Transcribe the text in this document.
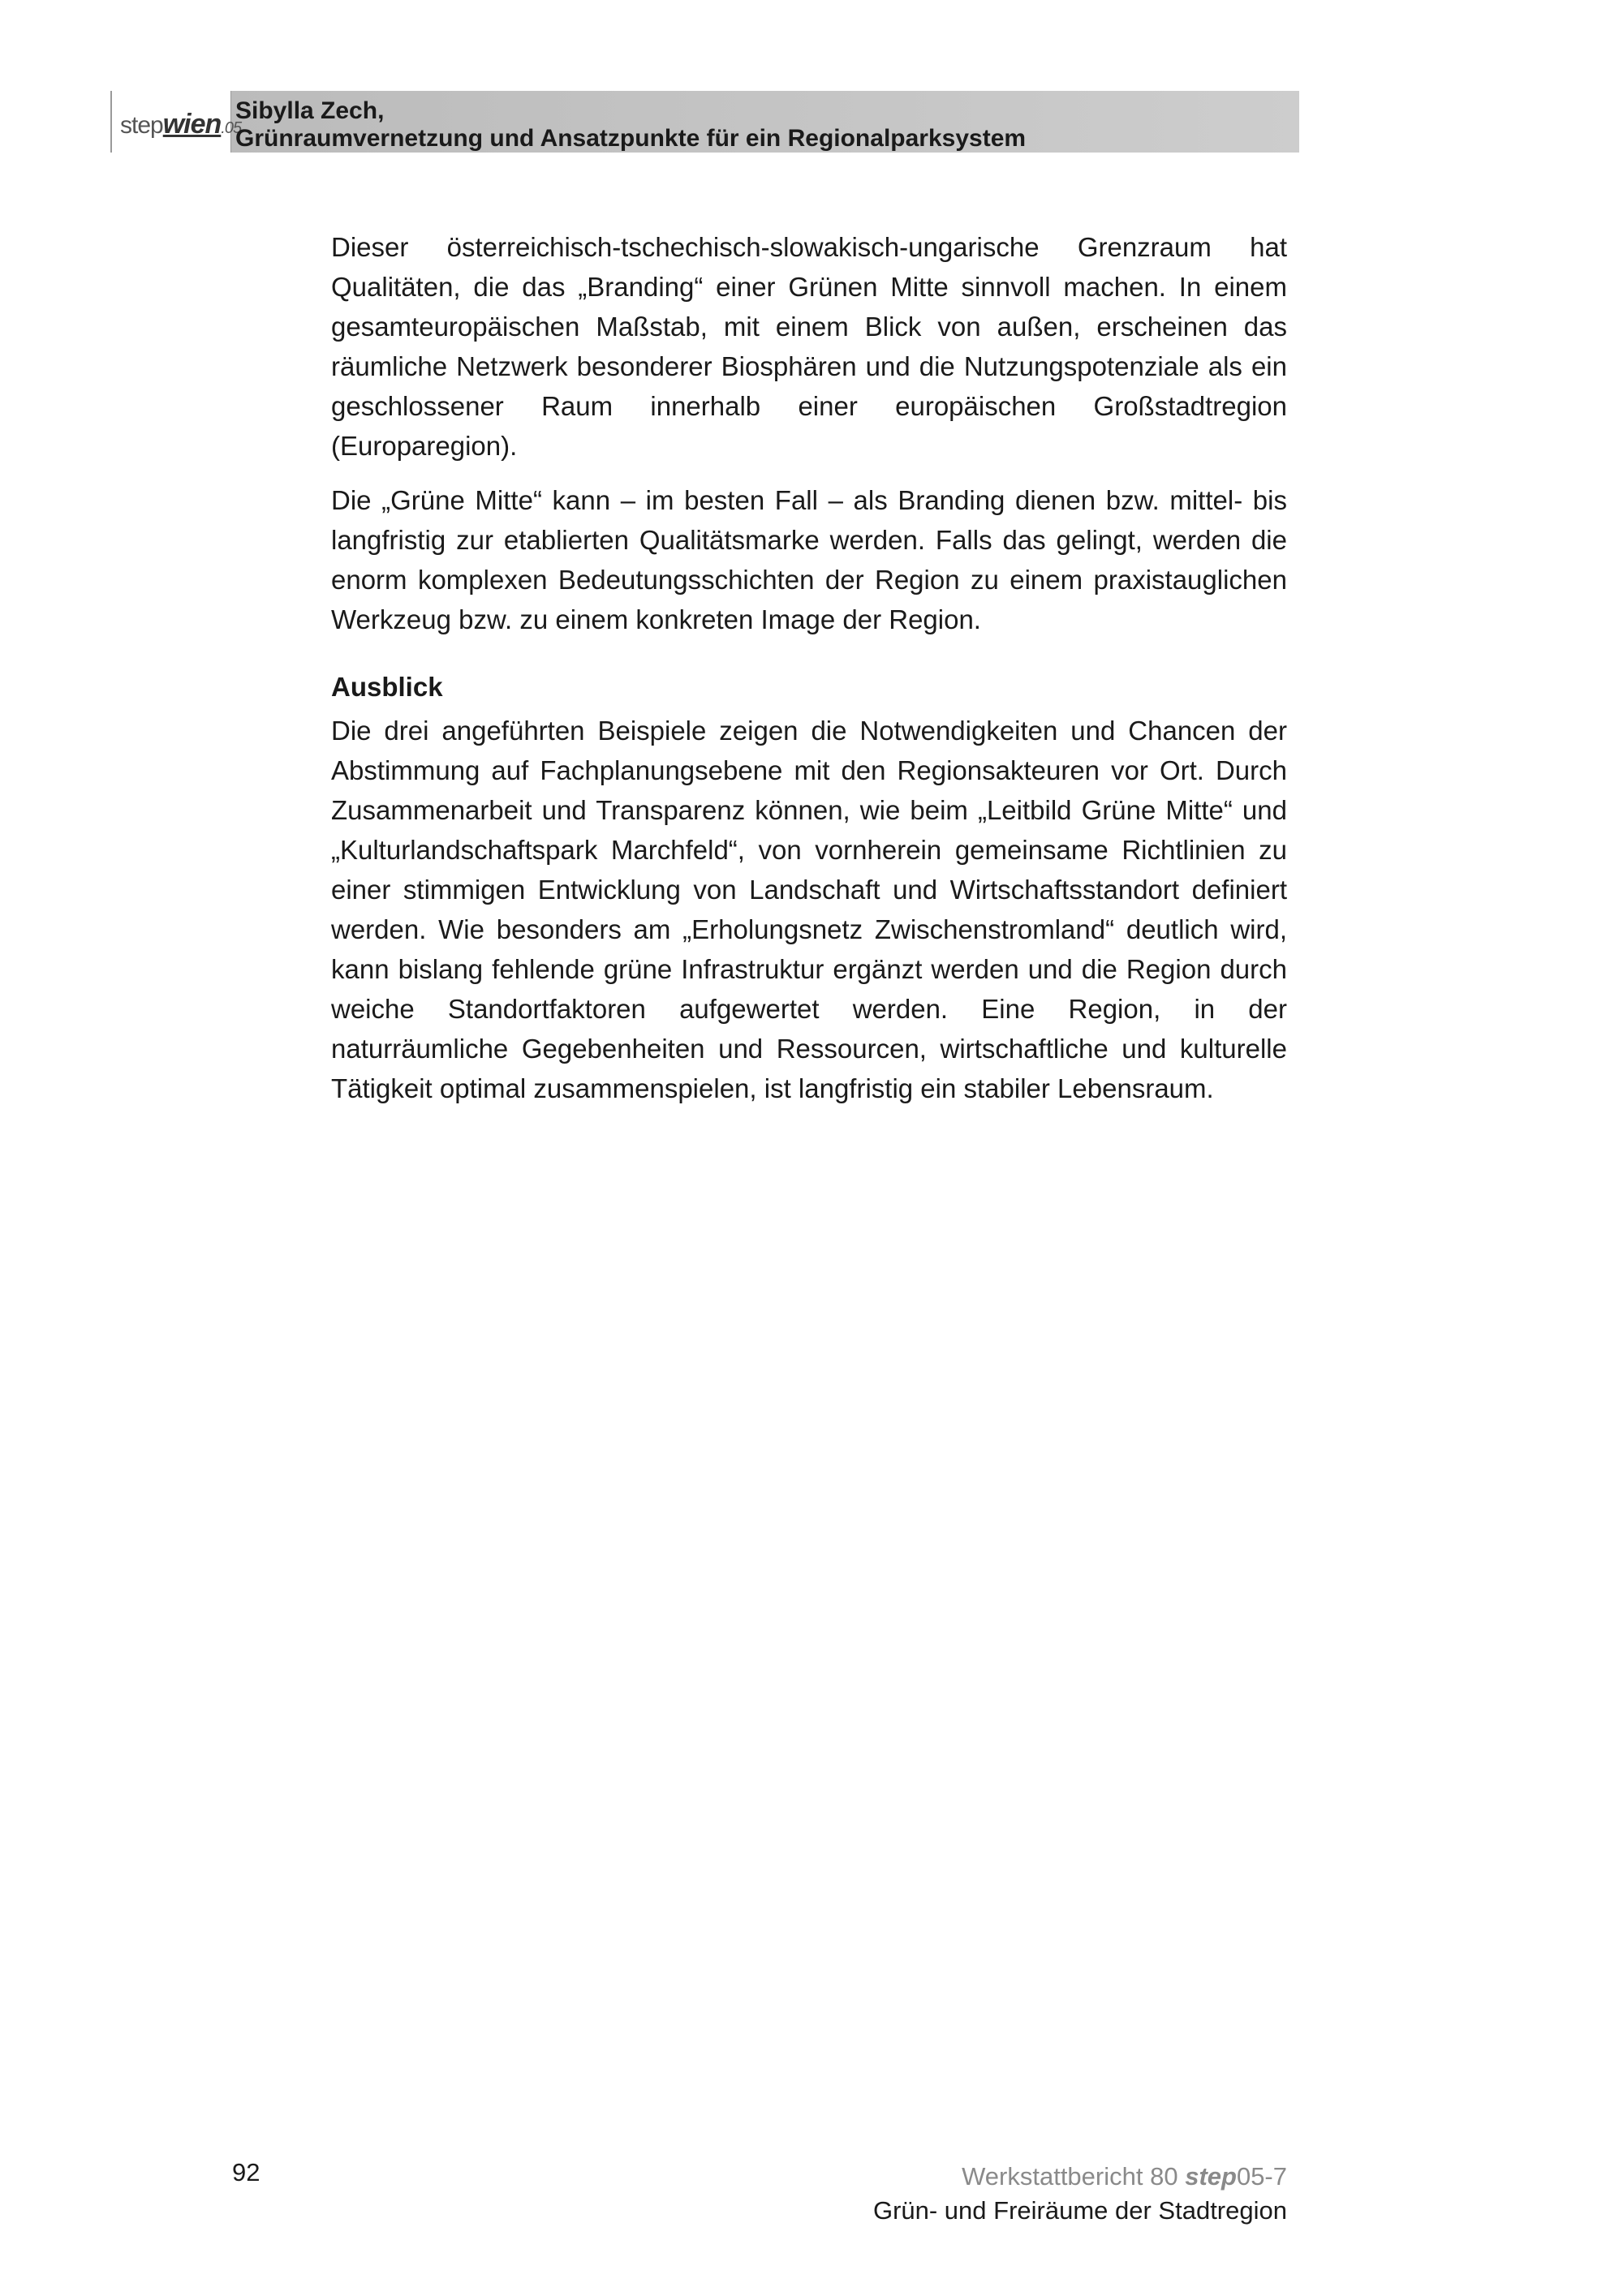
stepwien.05
Sibylla Zech,
Grünraumvernetzung und Ansatzpunkte für ein Regionalparksystem

Dieser österreichisch-tschechisch-slowakisch-ungarische Grenzraum hat Qualitäten, die das „Branding“ einer Grünen Mitte sinnvoll machen. In einem gesamteuropäischen Maßstab, mit einem Blick von außen, erscheinen das räumliche Netzwerk besonderer Biosphären und die Nutzungspotenziale als ein geschlossener Raum innerhalb einer europäischen Großstadtregion (Europaregion).

Die „Grüne Mitte“ kann – im besten Fall – als Branding dienen bzw. mittel- bis langfristig zur etablierten Qualitätsmarke werden. Falls das gelingt, werden die enorm komplexen Bedeutungsschichten der Region zu einem praxistauglichen Werkzeug bzw. zu einem konkreten Image der Region.

Ausblick

Die drei angeführten Beispiele zeigen die Notwendigkeiten und Chancen der Abstimmung auf Fachplanungsebene mit den Regionsakteuren vor Ort. Durch Zusammenarbeit und Transparenz können, wie beim „Leitbild Grüne Mitte“ und „Kulturlandschaftspark Marchfeld“, von vornherein gemeinsame Richtlinien zu einer stimmigen Entwicklung von Landschaft und Wirtschaftsstandort definiert werden. Wie besonders am „Erholungsnetz Zwischenstromland“ deutlich wird, kann bislang fehlende grüne Infrastruktur ergänzt werden und die Region durch weiche Standortfaktoren aufgewertet werden. Eine Region, in der naturräumliche Gegebenheiten und Ressourcen, wirtschaftliche und kulturelle Tätigkeit optimal zusammenspielen, ist langfristig ein stabiler Lebensraum.

92	Werkstattbericht 80 step05-7
Grün- und Freiräume der Stadtregion
